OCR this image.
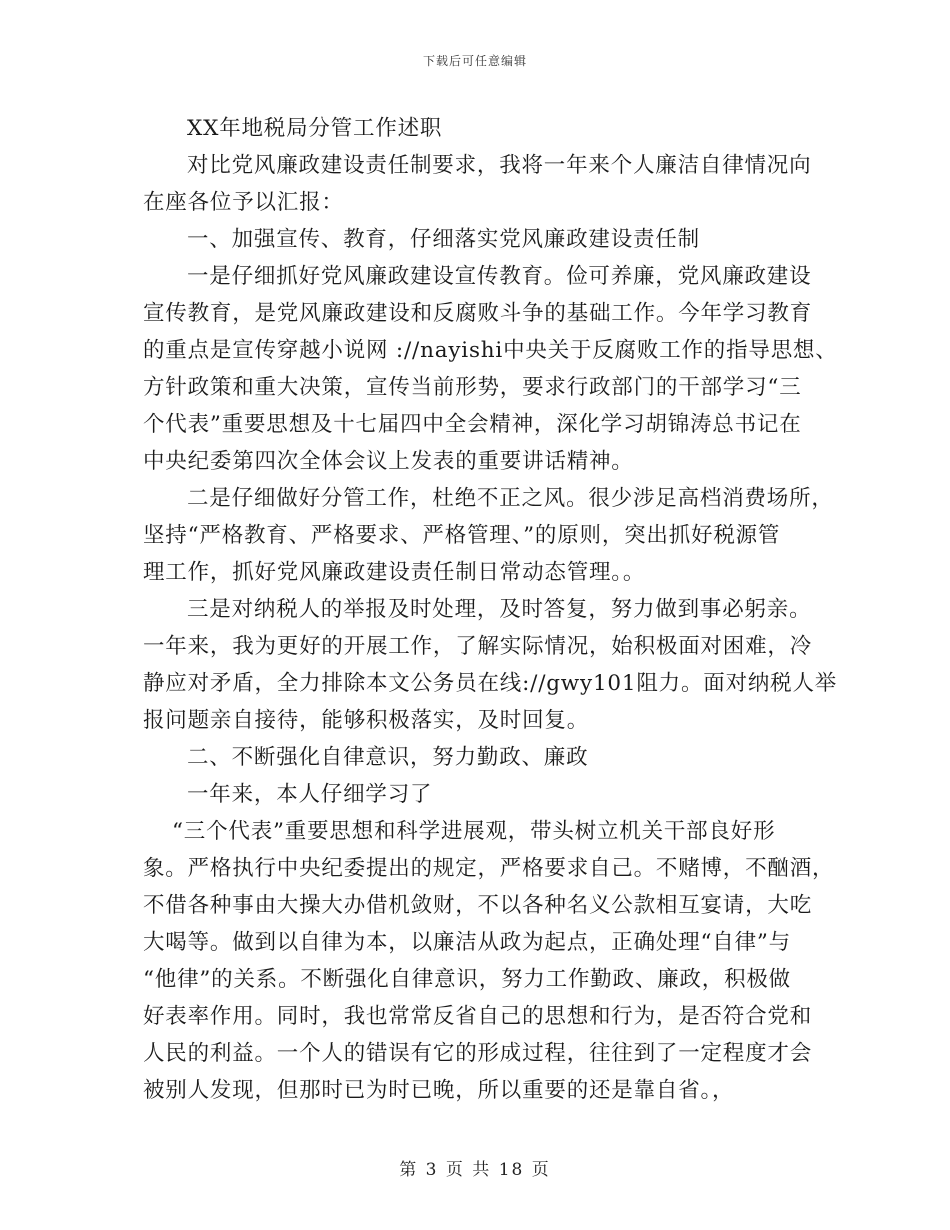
下载后可任意编辑
XX年地税局分管工作述职
对比党风廉政建设责任制要求，我将一年来个人廉洁自律情况向
在座各位予以汇报：
一、加强宣传、教育，仔细落实党风廉政建设责任制
一是仔细抓好党风廉政建设宣传教育。俭可养廉，党风廉政建设
宣传教育，是党风廉政建设和反腐败斗争的基础工作。今年学习教育
的重点是宣传穿越小说网 ://nayishi中央关于反腐败工作的指导思想、
方针政策和重大决策，宣传当前形势，要求行政部门的干部学习“三
个代表”重要思想及十七届四中全会精神，深化学习胡锦涛总书记在
中央纪委第四次全体会议上发表的重要讲话精神。
二是仔细做好分管工作，杜绝不正之风。很少涉足高档消费场所，
坚持“严格教育、严格要求、严格管理、”的原则，突出抓好税源管
理工作，抓好党风廉政建设责任制日常动态管理。。
三是对纳税人的举报及时处理，及时答复，努力做到事必躬亲。
一年来，我为更好的开展工作，了解实际情况，始积极面对困难，冷
静应对矛盾，全力排除本文公务员在线://gwy101阻力。面对纳税人举
报问题亲自接待，能够积极落实，及时回复。
二、不断强化自律意识，努力勤政、廉政
一年来，本人仔细学习了
“三个代表”重要思想和科学进展观，带头树立机关干部良好形
象。严格执行中央纪委提出的规定，严格要求自己。不赌博，不酗酒，
不借各种事由大操大办借机敛财，不以各种名义公款相互宴请，大吃
大喝等。做到以自律为本，以廉洁从政为起点，正确处理“自律”与
“他律”的关系。不断强化自律意识，努力工作勤政、廉政，积极做
好表率作用。同时，我也常常反省自己的思想和行为，是否符合党和
人民的利益。一个人的错误有它的形成过程，往往到了一定程度才会
被别人发现，但那时已为时已晚，所以重要的还是靠自省。，
第 3 页 共 18 页
